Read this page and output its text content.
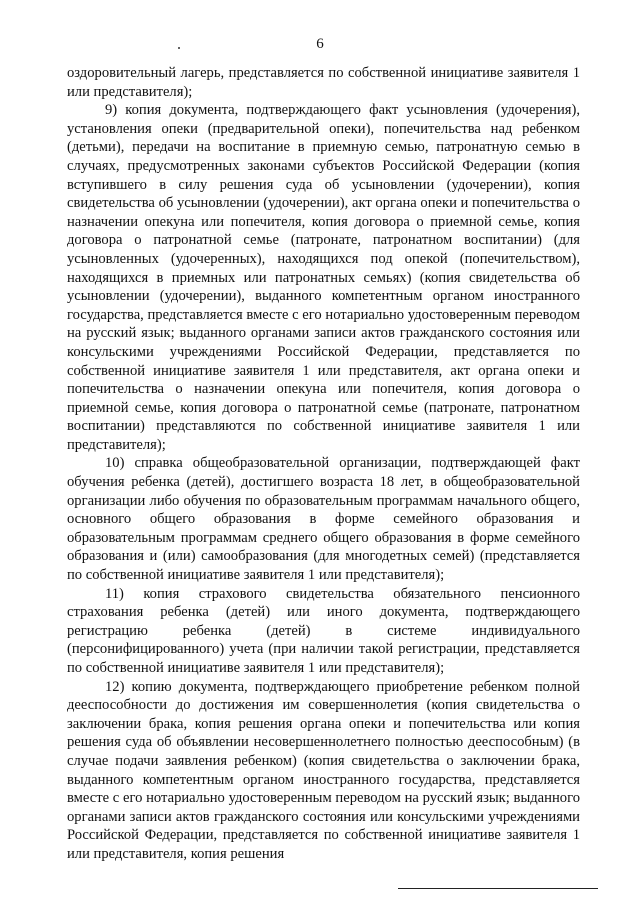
6

оздоровительный лагерь, представляется по собственной инициативе заявителя 1 или представителя);

9) копия документа, подтверждающего факт усыновления (удочерения), установления опеки (предварительной опеки), попечительства над ребенком (детьми), передачи на воспитание в приемную семью, патронатную семью в случаях, предусмотренных законами субъектов Российской Федерации (копия вступившего в силу решения суда об усыновлении (удочерении), копия свидетельства об усыновлении (удочерении), акт органа опеки и попечительства о назначении опекуна или попечителя, копия договора о приемной семье, копия договора о патронатной семье (патронате, патронатном воспитании) (для усыновленных (удочеренных), находящихся под опекой (попечительством), находящихся в приемных или патронатных семьях) (копия свидетельства об усыновлении (удочерении), выданного компетентным органом иностранного государства, представляется вместе с его нотариально удостоверенным переводом на русский язык; выданного органами записи актов гражданского состояния или консульскими учреждениями Российской Федерации, представляется по собственной инициативе заявителя 1 или представителя, акт органа опеки и попечительства о назначении опекуна или попечителя, копия договора о приемной семье, копия договора о патронатной семье (патронате, патронатном воспитании) представляются по собственной инициативе заявителя 1 или представителя);

10) справка общеобразовательной организации, подтверждающей факт обучения ребенка (детей), достигшего возраста 18 лет, в общеобразовательной организации либо обучения по образовательным программам начального общего, основного общего образования в форме семейного образования и образовательным программам среднего общего образования в форме семейного образования и (или) самообразования (для многодетных семей) (представляется по собственной инициативе заявителя 1 или представителя);

11) копия страхового свидетельства обязательного пенсионного страхования ребенка (детей) или иного документа, подтверждающего регистрацию ребенка (детей) в системе индивидуального (персонифицированного) учета (при наличии такой регистрации, представляется по собственной инициативе заявителя 1 или представителя);

12) копию документа, подтверждающего приобретение ребенком полной дееспособности до достижения им совершеннолетия (копия свидетельства о заключении брака, копия решения органа опеки и попечительства или копия решения суда об объявлении несовершеннолетнего полностью дееспособным) (в случае подачи заявления ребенком) (копия свидетельства о заключении брака, выданного компетентным органом иностранного государства, представляется вместе с его нотариально удостоверенным переводом на русский язык; выданного органами записи актов гражданского состояния или консульскими учреждениями Российской Федерации, представляется по собственной инициативе заявителя 1 или представителя, копия решения
